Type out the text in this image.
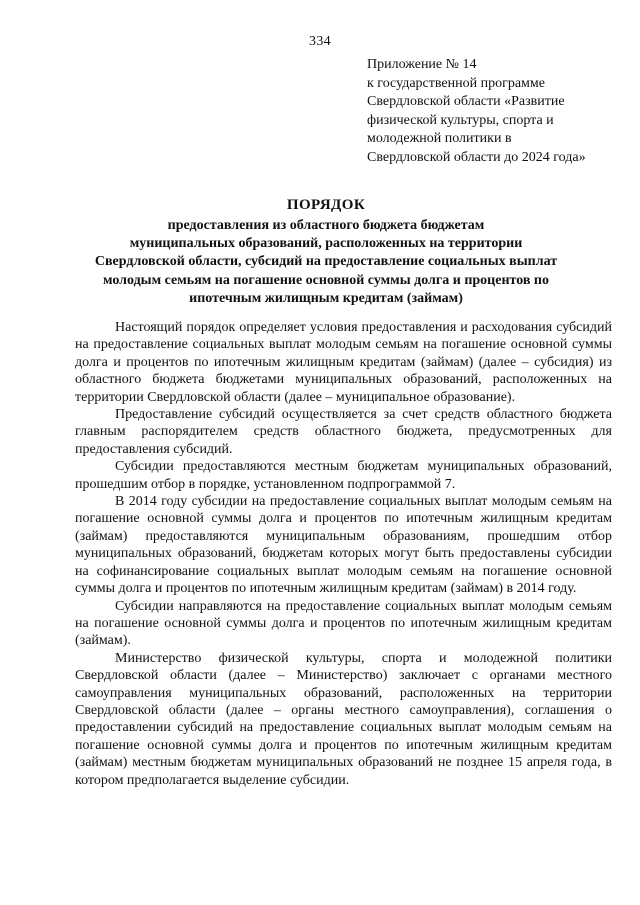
334
Приложение № 14
к государственной программе
Свердловской области «Развитие
физической культуры, спорта и
молодежной политики в
Свердловской области до 2024 года»
ПОРЯДОК
предоставления из областного бюджета бюджетам
муниципальных образований, расположенных на территории
Свердловской области, субсидий на предоставление социальных выплат
молодым семьям на погашение основной суммы долга и процентов по
ипотечным жилищным кредитам (займам)

Настоящий порядок определяет условия предоставления и расходования субсидий на предоставление социальных выплат молодым семьям на погашение основной суммы долга и процентов по ипотечным жилищным кредитам (займам) (далее – субсидия) из областного бюджета бюджетами муниципальных образований, расположенных на территории Свердловской области (далее – муниципальное образование).

Предоставление субсидий осуществляется за счет средств областного бюджета главным распорядителем средств областного бюджета, предусмотренных для предоставления субсидий.

Субсидии предоставляются местным бюджетам муниципальных образований, прошедшим отбор в порядке, установленном подпрограммой 7.

В 2014 году субсидии на предоставление социальных выплат молодым семьям на погашение основной суммы долга и процентов по ипотечным жилищным кредитам (займам) предоставляются муниципальным образованиям, прошедшим отбор муниципальных образований, бюджетам которых могут быть предоставлены субсидии на софинансирование социальных выплат молодым семьям на погашение основной суммы долга и процентов по ипотечным жилищным кредитам (займам) в 2014 году.

Субсидии направляются на предоставление социальных выплат молодым семьям на погашение основной суммы долга и процентов по ипотечным жилищным кредитам (займам).

Министерство физической культуры, спорта и молодежной политики Свердловской области (далее – Министерство) заключает с органами местного самоуправления муниципальных образований, расположенных на территории Свердловской области (далее – органы местного самоуправления), соглашения о предоставлении субсидий на предоставление социальных выплат молодым семьям на погашение основной суммы долга и процентов по ипотечным жилищным кредитам (займам) местным бюджетам муниципальных образований не позднее 15 апреля года, в котором предполагается выделение субсидии.
